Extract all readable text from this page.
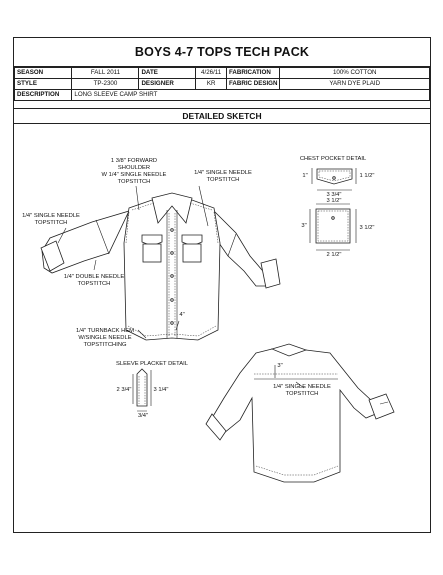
BOYS 4-7 TOPS TECH PACK
SEASON	FALL 2011	DATE	4/26/11	FABRICATION	100% COTTON
STYLE	TP-2300	DESIGNER	KR	FABRIC DESIGN	YARN DYE PLAID
DESCRIPTION	LONG SLEEVE CAMP SHIRT				
DETAILED SKETCH
1 3/8" FORWARD
SHOULDER
W 1/4" SINGLE NEEDLE
TOPSTITCH
1/4" SINGLE NEEDLE
TOPSTITCH
1/4" SINGLE NEEDLE
TOPSTITCH
1/4" DOUBLE NEEDLE
TOPSTITCH
4"
1/4" TURNBACK HEM
W/SINGLE NEEDLE
TOPSTITCHING
CHEST POCKET DETAIL
1"	1 1/2"
3 3/4"
3 1/2"
3"	3 1/2"
2 1/2"
SLEEVE PLACKET DETAIL
2 3/4"	3 1/4"
3/4"
3"
1/4" SINGLE NEEDLE
TOPSTITCH
